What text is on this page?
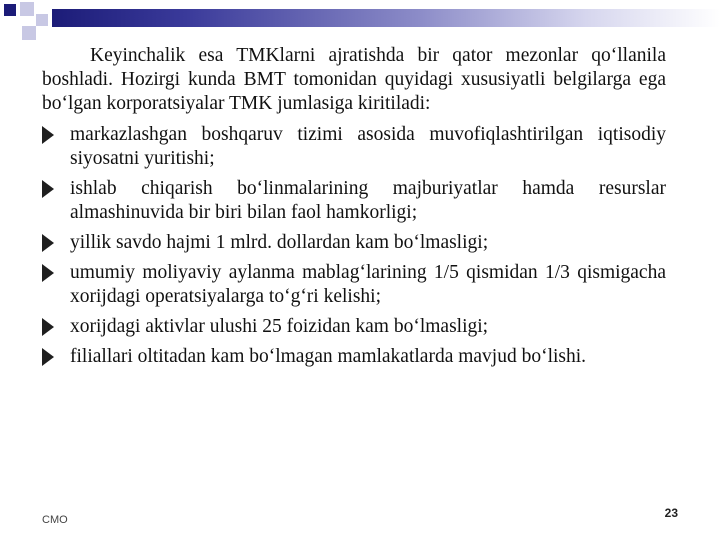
Keyinchalik esa TMKlarni ajratishda bir qator mezonlar qo‘llanila boshladi. Hozirgi kunda BMT tomonidan quyidagi xususiyatli belgilarga ega bo‘lgan korporatsiyalar TMK jumlasiga kiritiladi:

markazlashgan boshqaruv tizimi asosida muvofiqlashtirilgan iqtisodiy siyosatni yuritishi;
ishlab chiqarish bo‘linmalarining majburiyatlar hamda resurslar almashinuvida bir biri bilan faol hamkorligi;
yillik savdo hajmi 1 mlrd. dollardan kam bo‘lmasligi;
umumiy moliyaviy aylanma mablag‘larining 1/5 qismidan 1/3 qismigacha xorijdagi operatsiyalarga to‘g‘ri kelishi;
xorijdagi aktivlar ulushi 25 foizidan kam bo‘lmasligi;
filiallari oltitadan kam bo‘lmagan mamlakatlarda mavjud bo‘lishi.
CMO	23
